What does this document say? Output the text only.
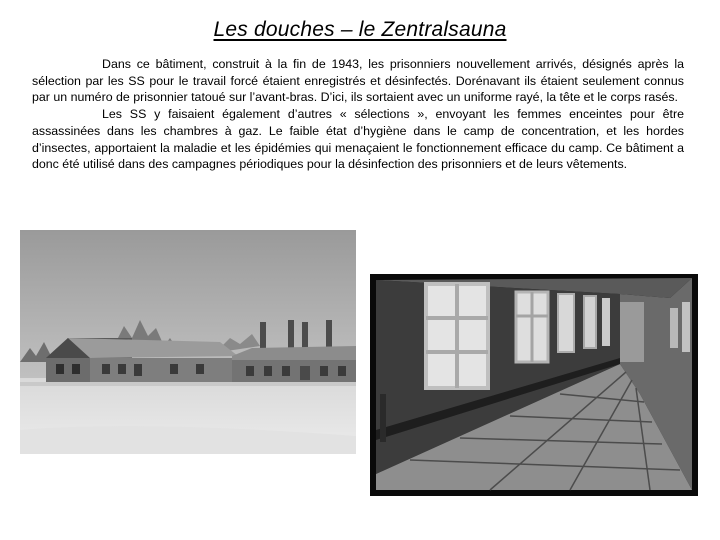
Les douches – le Zentralsauna

Dans ce bâtiment, construit à la fin de 1943, les prisonniers nouvellement arrivés, désignés après la sélection par les SS pour le travail forcé étaient enregistrés et désinfectés. Dorénavant ils étaient seulement connus par un numéro de prisonnier tatoué sur l’avant-bras. D’ici, ils sortaient avec un uniforme rayé, la tête et le corps rasés.

Les SS y faisaient également d’autres « sélections », envoyant les femmes enceintes pour être assassinées dans les chambres à gaz. Le faible état d’hygiène dans le camp de concentration, et les hordes d’insectes, apportaient la maladie et les épidémies qui menaçaient le fonctionnement efficace du camp. Ce bâtiment a donc été utilisé dans des campagnes périodiques pour la désinfection des prisonniers et de leurs vêtements.
